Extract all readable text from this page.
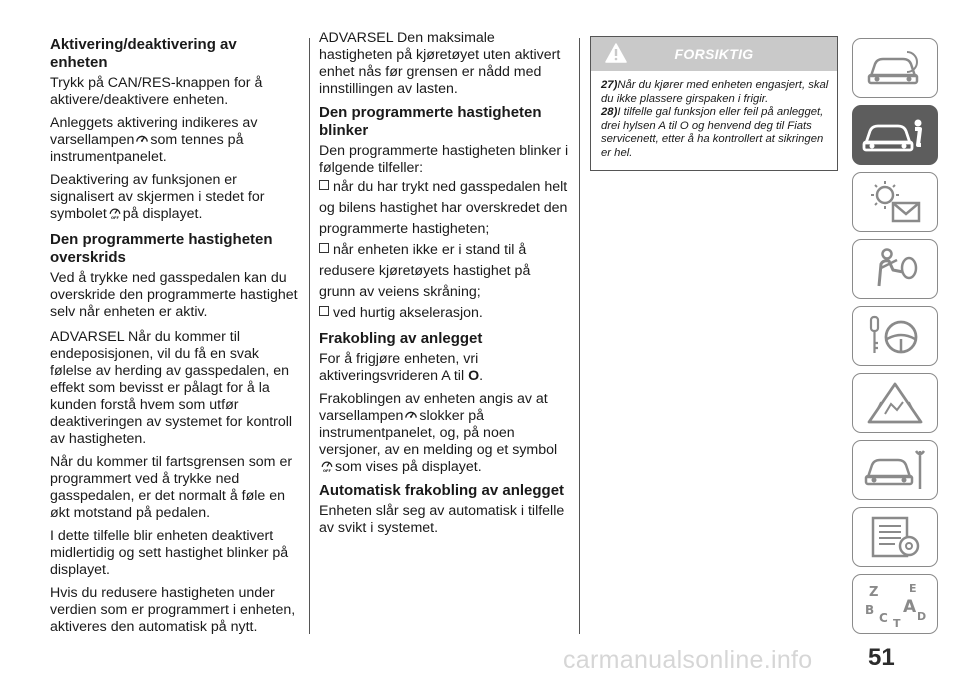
Aktivering/deaktivering av enheten

Trykk på CAN/RES-knappen for å aktivere/deaktivere enheten.

Anleggets aktivering indikeres av varsellampen som tennes på instrumentpanelet.

Deaktivering av funksjonen er signalisert av skjermen i stedet for symbolet på displayet.

Den programmerte hastigheten overskrids

Ved å trykke ned gasspedalen kan du overskride den programmerte hastighet selv når enheten er aktiv.

ADVARSEL Når du kommer til endeposisjonen, vil du få en svak følelse av herding av gasspedalen, en effekt som bevisst er pålagt for å la kunden forstå hvem som utfør deaktiveringen av systemet for kontroll av hastigheten.

Når du kommer til fartsgrensen som er programmert ved å trykke ned gasspedalen, er det normalt å føle en økt motstand på pedalen.

I dette tilfelle blir enheten deaktivert midlertidig og sett hastighet blinker på displayet.

Hvis du redusere hastigheten under verdien som er programmert i enheten, aktiveres den automatisk på nytt.

ADVARSEL Den maksimale hastigheten på kjøretøyet uten aktivert enhet nås før grensen er nådd med innstillingen av lasten.

Den programmerte hastigheten blinker

Den programmerte hastigheten blinker i følgende tilfeller:

når du har trykt ned gasspedalen helt og bilens hastighet har overskredet den programmerte hastigheten;
når enheten ikke er i stand til å redusere kjøretøyets hastighet på grunn av veiens skråning;
ved hurtig akselerasjon.
Frakobling av anlegget

For å frigjøre enheten, vri aktiveringsvrideren A til O.

Frakoblingen av enheten angis av at varsellampen slokker på instrumentpanelet, og, på noen versjoner, av en melding og et symbol
som vises på displayet.

Automatisk frakobling av anlegget

Enheten slår seg av automatisk i tilfelle av svikt i systemet.

FORSIKTIG
27)Når du kjører med enheten engasjert, skal du ikke plassere girspaken i frigir.
28)I tilfelle gal funksjon eller feil på anlegget, drei hylsen A til O og henvend deg til Fiats servicenett, etter å ha kontrollert at sikringen er hel.
Z	E
B A
C	D
T
51
carmanualsonline.info
